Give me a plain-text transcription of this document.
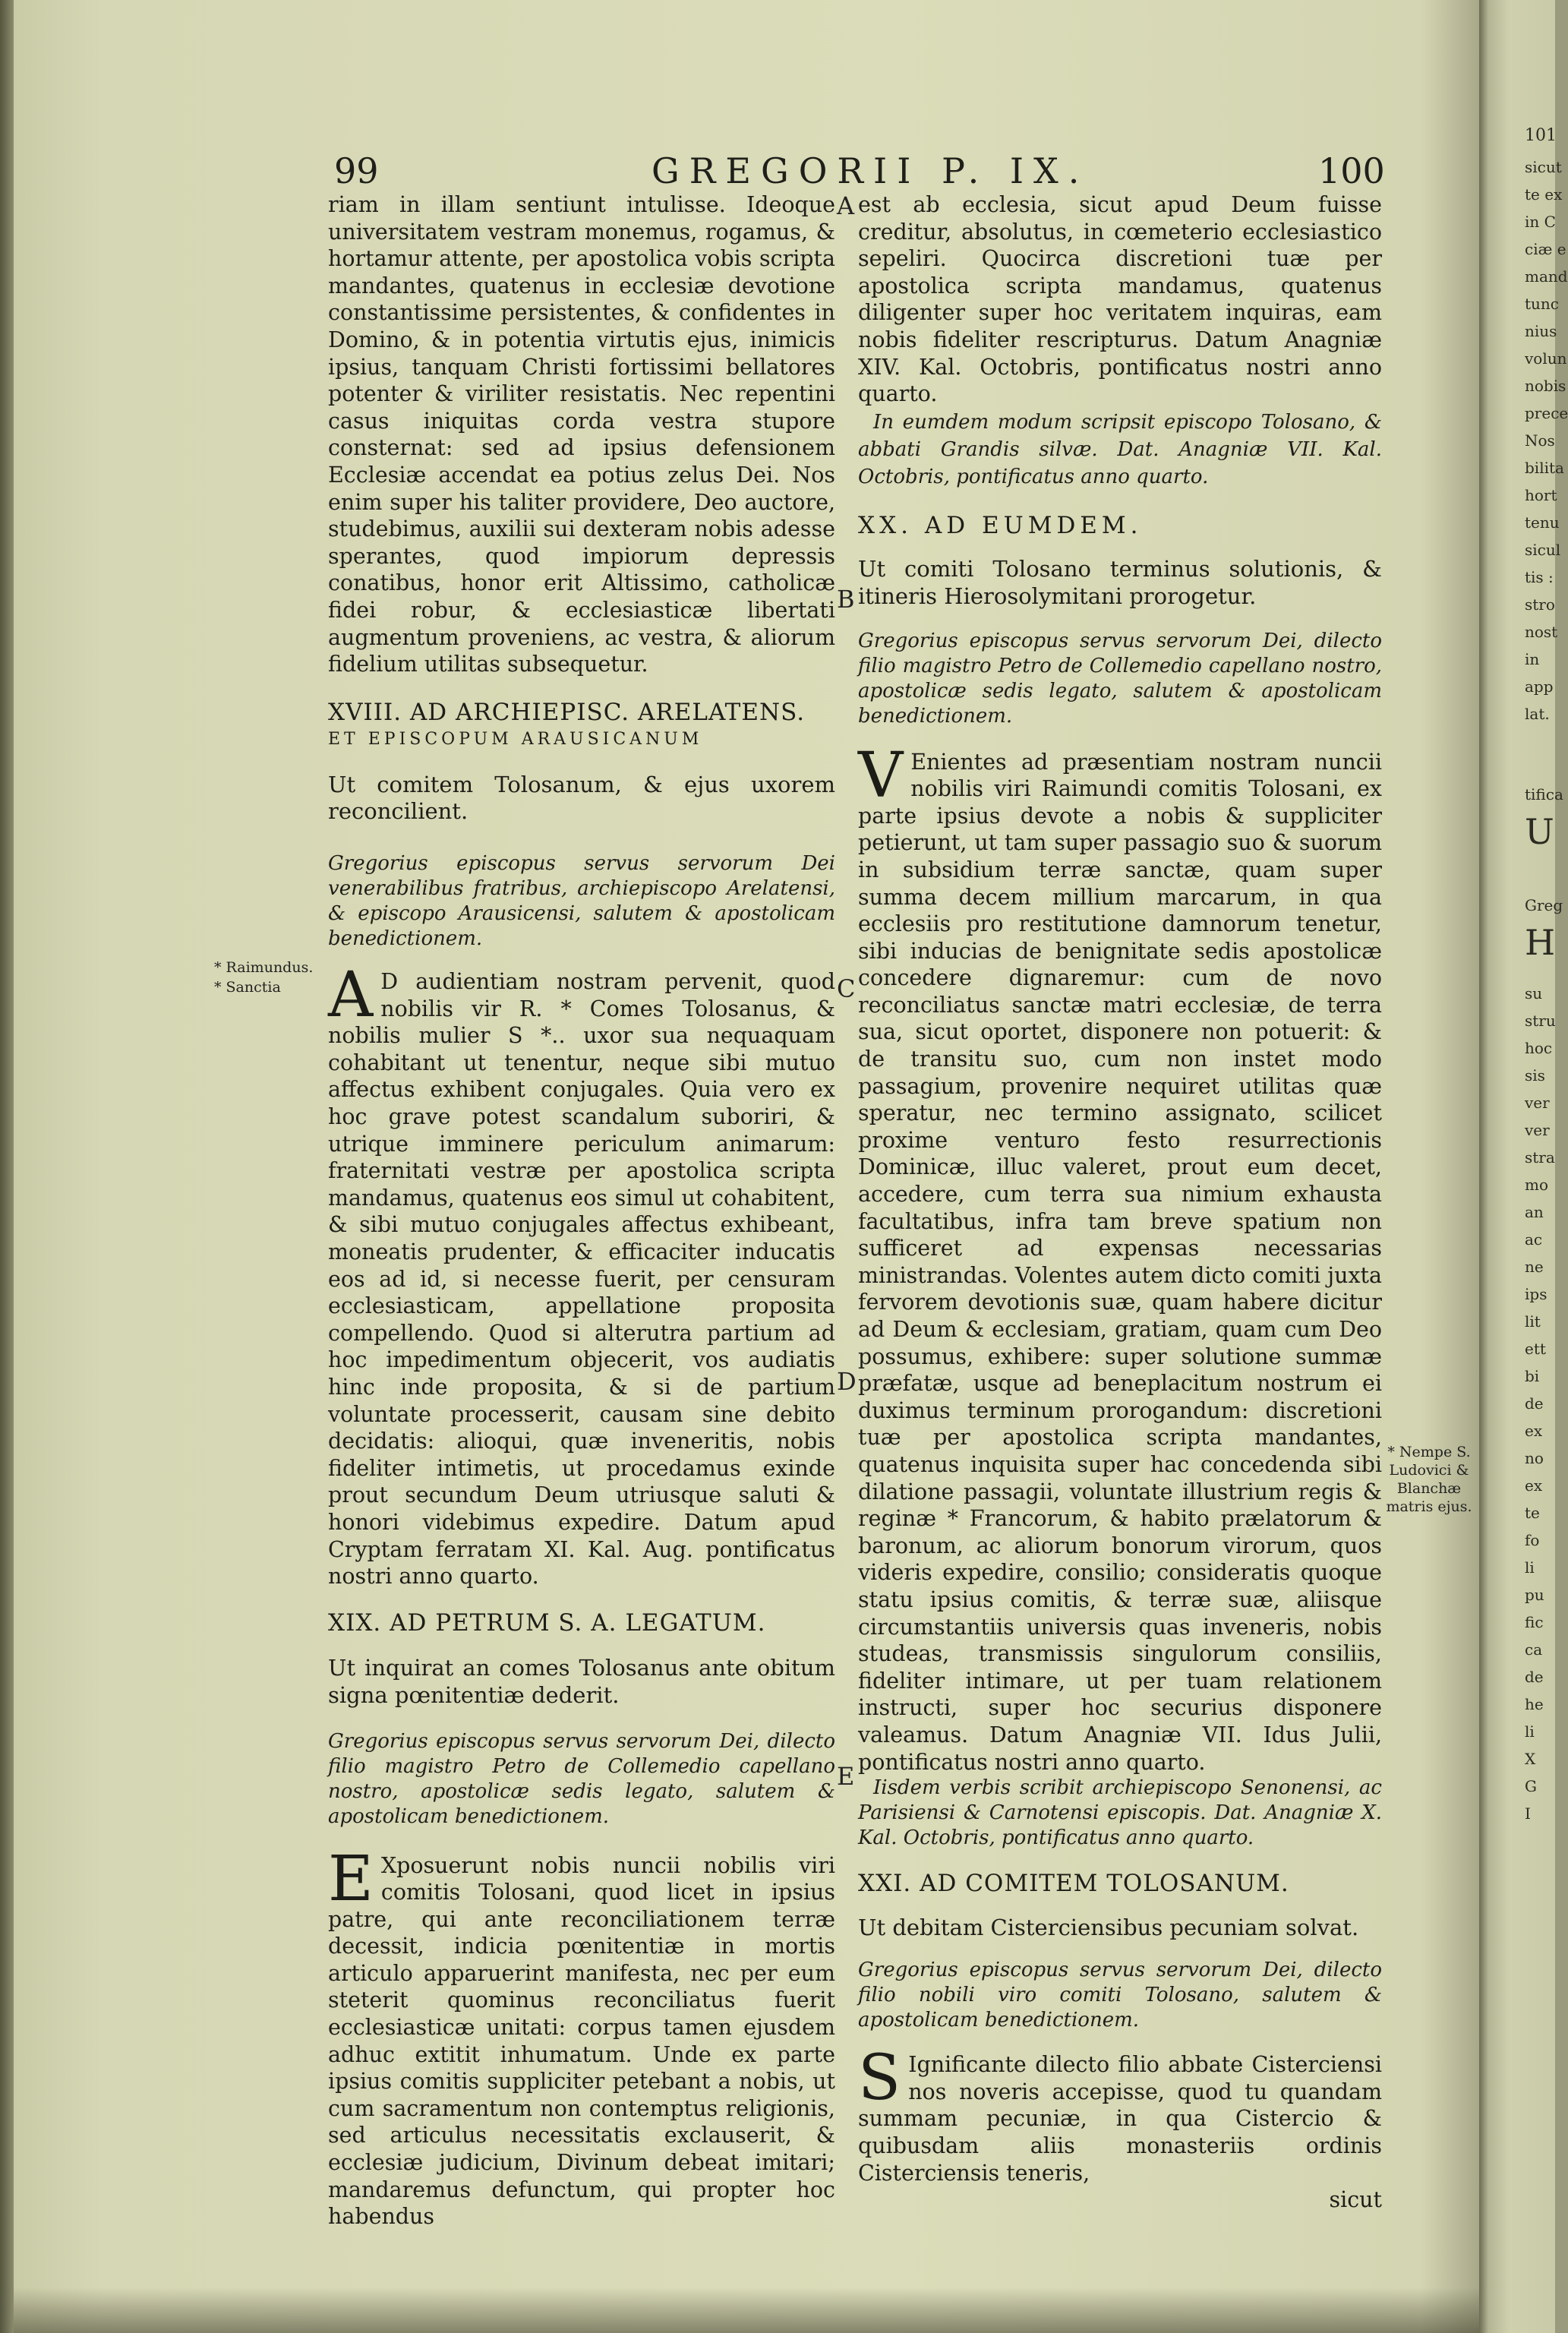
99	GREGORII P. IX.	100
A
B
C
D
E
* Raimundus.
* Sanctia
* Nempe S. Ludovici & Blanchæ matris ejus.

riam in illam sentiunt intulisse. Ideoque universitatem vestram monemus, rogamus, & hortamur attente, per apostolica vobis scripta mandantes, quatenus in ecclesiæ devotione constantissime persistentes, & confidentes in Domino, & in potentia virtutis ejus, inimicis ipsius, tanquam Christi fortissimi bellatores potenter & viriliter resistatis. Nec repentini casus iniquitas corda vestra stupore consternat: sed ad ipsius defensionem Ecclesiæ accendat ea potius zelus Dei. Nos enim super his taliter providere, Deo auctore, studebimus, auxilii sui dexteram nobis adesse sperantes, quod impiorum depressis conatibus, honor erit Altissimo, catholicæ fidei robur, & ecclesiasticæ libertati augmentum proveniens, ac vestra, & aliorum fidelium utilitas subsequetur.

XVIII. AD ARCHIEPISC. ARELATENS.

ET EPISCOPUM ARAUSICANUM

Ut comitem Tolosanum, & ejus uxorem reconcilient.

Gregorius episcopus servus servorum Dei venerabilibus fratribus, archiepiscopo Arelatensi, & episcopo Arausicensi, salutem & apostolicam benedictionem.

A D audientiam nostram pervenit, quod nobilis vir R. * Comes Tolosanus, & nobilis mulier S *.. uxor sua nequaquam cohabitant ut tenentur, neque sibi mutuo affectus exhibent conjugales. Quia vero ex hoc grave potest scandalum suboriri, & utrique imminere periculum animarum: fraternitati vestræ per apostolica scripta mandamus, quatenus eos simul ut cohabitent, & sibi mutuo conjugales affectus exhibeant, moneatis prudenter, & efficaciter inducatis eos ad id, si necesse fuerit, per censuram ecclesiasticam, appellatione proposita compellendo. Quod si alterutra partium ad hoc impedimentum objecerit, vos audiatis hinc inde proposita, & si de partium voluntate processerit, causam sine debito decidatis: alioqui, quæ inveneritis, nobis fideliter intimetis, ut procedamus exinde prout secundum Deum utriusque saluti & honori videbimus expedire. Datum apud Cryptam ferratam XI. Kal. Aug. pontificatus nostri anno quarto.

XIX. AD PETRUM S. A. LEGATUM.

Ut inquirat an comes Tolosanus ante obitum signa pœnitentiæ dederit.

Gregorius episcopus servus servorum Dei, dilecto filio magistro Petro de Collemedio capellano nostro, apostolicæ sedis legato, salutem & apostolicam benedictionem.

E Xposuerunt nobis nuncii nobilis viri comitis Tolosani, quod licet in ipsius patre, qui ante reconciliationem terræ decessit, indicia pœnitentiæ in mortis articulo apparuerint manifesta, nec per eum steterit quominus reconciliatus fuerit ecclesiasticæ unitati: corpus tamen ejusdem adhuc extitit inhumatum. Unde ex parte ipsius comitis suppliciter petebant a nobis, ut cum sacramentum non contemptus religionis, sed articulus necessitatis exclauserit, & ecclesiæ judicium, Divinum debeat imitari; mandaremus defunctum, qui propter hoc habendus

est ab ecclesia, sicut apud Deum fuisse creditur, absolutus, in cœmeterio ecclesiastico sepeliri. Quocirca discretioni tuæ per apostolica scripta mandamus, quatenus diligenter super hoc veritatem inquiras, eam nobis fideliter rescripturus. Datum Anagniæ XIV. Kal. Octobris, pontificatus nostri anno quarto.

In eumdem modum scripsit episcopo Tolosano, & abbati Grandis silvæ. Dat. Anagniæ VII. Kal. Octobris, pontificatus anno quarto.

XX. AD EUMDEM.

Ut comiti Tolosano terminus solutionis, & itineris Hierosolymitani prorogetur.

Gregorius episcopus servus servorum Dei, dilecto filio magistro Petro de Collemedio capellano nostro, apostolicæ sedis legato, salutem & apostolicam benedictionem.

V Enientes ad præsentiam nostram nuncii nobilis viri Raimundi comitis Tolosani, ex parte ipsius devote a nobis & suppliciter petierunt, ut tam super passagio suo & suorum in subsidium terræ sanctæ, quam super summa decem millium marcarum, in qua ecclesiis pro restitutione damnorum tenetur, sibi inducias de benignitate sedis apostolicæ concedere dignaremur: cum de novo reconciliatus sanctæ matri ecclesiæ, de terra sua, sicut oportet, disponere non potuerit: & de transitu suo, cum non instet modo passagium, provenire nequiret utilitas quæ speratur, nec termino assignato, scilicet proxime venturo festo resurrectionis Dominicæ, illuc valeret, prout eum decet, accedere, cum terra sua nimium exhausta facultatibus, infra tam breve spatium non sufficeret ad expensas necessarias ministrandas. Volentes autem dicto comiti juxta fervorem devotionis suæ, quam habere dicitur ad Deum & ecclesiam, gratiam, quam cum Deo possumus, exhibere: super solutione summæ præfatæ, usque ad beneplacitum nostrum ei duximus terminum prorogandum: discretioni tuæ per apostolica scripta mandantes, quatenus inquisita super hac concedenda sibi dilatione passagii, voluntate illustrium regis & reginæ * Francorum, & habito prælatorum & baronum, ac aliorum bonorum virorum, quos videris expedire, consilio; consideratis quoque statu ipsius comitis, & terræ suæ, aliisque circumstantiis universis quas inveneris, nobis studeas, transmissis singulorum consiliis, fideliter intimare, ut per tuam relationem instructi, super hoc securius disponere valeamus. Datum Anagniæ VII. Idus Julii, pontificatus nostri anno quarto.

Iisdem verbis scribit archiepiscopo Senonensi, ac Parisiensi & Carnotensi episcopis. Dat. Anagniæ X. Kal. Octobris, pontificatus anno quarto.

XXI. AD COMITEM TOLOSANUM.

Ut debitam Cisterciensibus pecuniam solvat.

Gregorius episcopus servus servorum Dei, dilecto filio nobili viro comiti Tolosano, salutem & apostolicam benedictionem.

S Ignificante dilecto filio abbate Cisterciensi nos noveris accepisse, quod tu quandam summam pecuniæ, in qua Cistercio & quibusdam aliis monasteriis ordinis Cisterciensis teneris,

sicut

101
sicut
te ex
in C
ciæ e
mand
tunc
nius
volun
nobis
prece
Nos
bilita
hort
tenu
sicul
tis :
stro
nost
in
app
lat.
tifica
U
Greg
H
su
stru
hoc
sis
ver
ver
stra
mo
an
ac
ne
ips
lit
ett
bi
de
ex
no
ex
te
fo
li
pu
fic
ca
de
he
li
X
G
I
